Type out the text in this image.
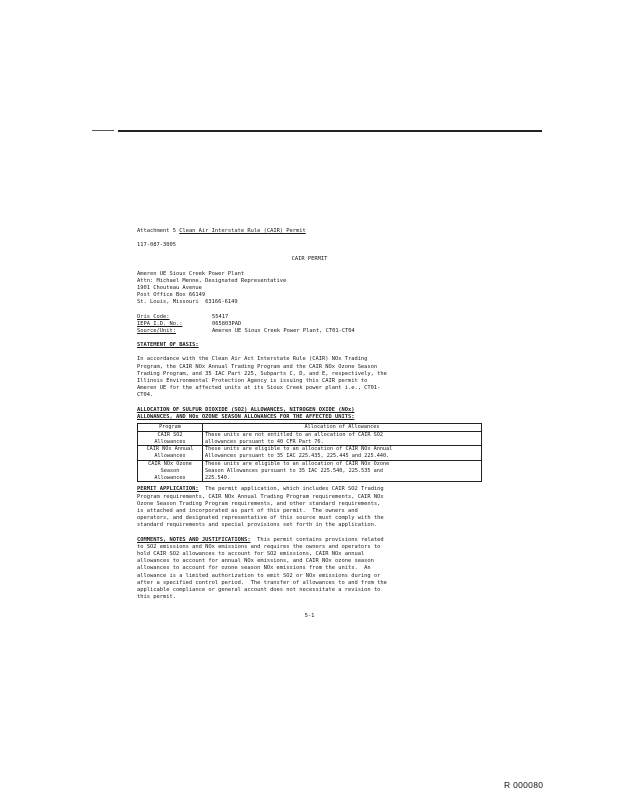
Attachment 5 Clean Air Interstate Rule (CAIR) Permit
117-087-3005
CAIR PERMIT
Ameren UE Sioux Creek Power Plant
Attn: Michael Menne, Designated Representative
1901 Chouteau Avenue
Post Office Box 66149
St. Louis, Missouri  63166-6149
Oris Code:	55417
IEPA I.D. No.:	065803PAD
Source/Unit:	Ameren UE Sioux Creek Power Plant, CT01-CT04
STATEMENT OF BASIS:
In accordance with the Clean Air Act Interstate Rule (CAIR) NOx Trading
Program, the CAIR NOx Annual Trading Program and the CAIR NOx Ozone Season
Trading Program, and 35 IAC Part 225, Subparts C, D, and E, respectively, the
Illinois Environmental Protection Agency is issuing this CAIR permit to
Ameren UE for the affected units at its Sioux Creek power plant i.e., CT01-
CT04.
ALLOCATION OF SULFUR DIOXIDE (SO2) ALLOWANCES, NITROGEN OXIDE (NOx)
ALLOWANCES, AND NOx OZONE SEASON ALLOWANCES FOR THE AFFECTED UNITS:
Program	Allocation of Allowances

CAIR SO2
Allowances	These units are not entitled to an allocation of CAIR SO2
allowances pursuant to 40 CFR Part 76.

CAIR NOx Annual
Allowances	These units are eligible to an allocation of CAIR NOx Annual
Allowances pursuant to 35 IAC 225.435, 225.445 and 225.440.

CAIR NOx Ozone
Season
Allowances	These units are eligible to an allocation of CAIR NOx Ozone
Season Allowances pursuant to 35 IAC 225.540, 225.535 and
225.540.
PERMIT APPLICATION: The permit application, which includes CAIR SO2 Trading
Program requirements, CAIR NOx Annual Trading Program requirements, CAIR NOx
Ozone Season Trading Program requirements, and other standard requirements,
is attached and incorporated as part of this permit.  The owners and
operators, and designated representative of this source must comply with the
standard requirements and special provisions set forth in the application.
COMMENTS, NOTES AND JUSTIFICATIONS: This permit contains provisions related
to SO2 emissions and NOx emissions and requires the owners and operators to
hold CAIR SO2 allowances to account for SO2 emissions, CAIR NOx annual
allowances to account for annual NOx emissions, and CAIR NOx ozone season
allowances to account for ozone season NOx emissions from the units.  An
allowance is a limited authorization to emit SO2 or NOx emissions during or
after a specified control period.  The transfer of allowances to and from the
applicable compliance or general account does not necessitate a revision to
this permit.
5-1
R 000080
